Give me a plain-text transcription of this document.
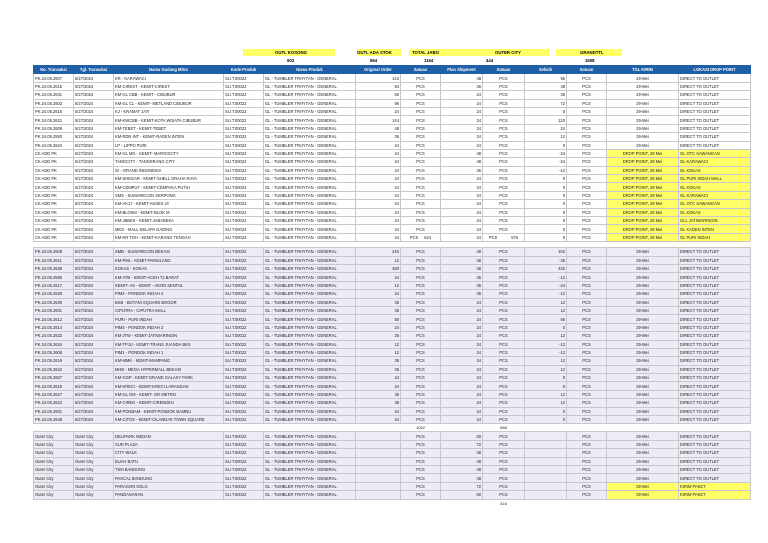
OUTL KOSONG	OUTL ADA STOK	TOTAL JABO	OUTER CITY	GRANDTTL
603	564	1164	444	1608
No. Transaksi	Tgl. Transaksi	Nama Gudang Mitra	Kode Produk	Nama Produk	Original Order	Satuan	Plan Shipment	Satuan	Selisih	Satuan	TGL KIRIM	LOKASI DROP POINT
PK.24.05.2607	5/27/2024	KR - KARAWACI	SU.T.00022	GL - TUMBLER TRHYTAN - GENERAL	144	PCS	48	PCS	96	PCS	29-Mei	DIRECT TO OUTLET
PK.24.05.2615	5/27/2024	KM-CIREST - KEMIT-CIREST	SU.T.00022	GL - TUMBLER TRHYTAN - GENERAL	84	PCS	36	PCS	48	PCS	29-Mei	DIRECT TO OUTLET
PK.24.05.2631	5/27/2024	KM-GL CBB - KEMIT - CIBUBUR	SU.T.00022	GL - TUMBLER TRHYTAN - GENERAL	60	PCS	24	PCS	36	PCS	29-Mei	DIRECT TO OUTLET
PK.24.05.2603	5/27/2024	KM-GL CL - KEMIT- METLAND CIBUBUR	SU.T.00022	GL - TUMBLER TRHYTAN - GENERAL	96	PCS	24	PCS	72	PCS	29-Mei	DIRECT TO OUTLET
PK.24.05.2615	5/27/2024	KJ - KRAMAT JATI	SU.T.00022	GL - TUMBLER TRHYTAN - GENERAL	24	PCS	24	PCS	0	PCS	29-Mei	DIRECT TO OUTLET
PK.24.05.2621	5/27/2024	KM-KWCBB - KEMIT-KOTA WISATA CIBUBUR	SU.T.00022	GL - TUMBLER TRHYTAN - GENERAL	144	PCS	24	PCS	120	PCS	29-Mei	DIRECT TO OUTLET
PK.24.05.2609	5/27/2024	KM-TEBET - KEMIT-TEBET	SU.T.00022	GL - TUMBLER TRHYTAN - GENERAL	48	PCS	24	PCS	24	PCS	29-Mei	DIRECT TO OUTLET
PK.24.05.2593	5/27/2024	KM-RDN INT - KEMIT-RADEN INTEN	SU.T.00022	GL - TUMBLER TRHYTAN - GENERAL	36	PCS	24	PCS	12	PCS	29-Mei	DIRECT TO OUTLET
PK.24.05.2624	5/27/2024	LP - LIPPO PURI	SU.T.00022	GL - TUMBLER TRHYTAN - GENERAL	24	PCS	24	PCS	0	PCS	29-Mei	DIRECT TO OUTLET
CK ADD PK	5/27/2024	KM-GL MG - KEMIT- MARGOCITY	SU.T.00022	GL - TUMBLER TRHYTAN - GENERAL	24	PCS	48	PCS	-24	PCS	DROP POINT, 29 Mei	GL OTC SAWANGAN
CK ADD PK	5/27/2024	TANGCITY - TANGERANG CITY	SU.T.00022	GL - TUMBLER TRHYTAN - GENERAL	24	PCS	48	PCS	-24	PCS	DROP POINT, 29 Mei	GL KARAWACI
CK ADD PK	5/27/2024	GI - GRAND INDONESIA	SU.T.00022	GL - TUMBLER TRHYTAN - GENERAL	24	PCS	36	PCS	-12	PCS	DROP POINT, 29 Mei	GL KOKAS
CK ADD PK	5/27/2024	KM-SHEGAR - KEMIT-SHELL GRAHA RAYA	SU.T.00022	GL - TUMBLER TRHYTAN - GENERAL	24	PCS	24	PCS	0	PCS	DROP POINT, 29 Mei	GL PURI INDAH MALL
CK ADD PK	5/27/2024	KM-CEMPUT - KEMIT-CEMPAKA PUTIH	SU.T.00022	GL - TUMBLER TRHYTAN - GENERAL	24	PCS	24	PCS	0	PCS	DROP POINT, 29 Mei	GL KOKAS
CK ADD PK	5/27/2024	SMS - SUMARECON SERPONG	SU.T.00022	GL - TUMBLER TRHYTAN - GENERAL	24	PCS	24	PCS	0	PCS	DROP POINT, 29 Mei	GL KARAWACI
CK ADD PK	5/27/2024	KM-AK17 - KEMIT-AKSES UI	SU.T.00022	GL - TUMBLER TRHYTAN - GENERAL	24	PCS	24	PCS	0	PCS	DROP POINT, 29 Mei	GL OTC SAWANGAN
CK ADD PK	5/27/2024	KM-BLOKM - KEMIT-BLOK M	SU.T.00022	GL - TUMBLER TRHYTAN - GENERAL	24	PCS	24	PCS	0	PCS	DROP POINT, 29 Mei	GL KOKAS
CK ADD PK	5/27/2024	KM-JBBEK - KEMIT-JABABEKA	SU.T.00022	GL - TUMBLER TRHYTAN - GENERAL	24	PCS	24	PCS	0	PCS	DROP POINT, 29 Mei	GLL JATIWARINGIN
CK ADD PK	5/27/2024	MKG - MALL KELAPA GADING	SU.T.00022	GL - TUMBLER TRHYTAN - GENERAL	24	PCS	24	PCS	0	PCS	DROP POINT, 29 Mei	GL KADEN INTEN
CK ADD PK	5/27/2024	KM-KR TGH - KEMIT-KARANG TENGAH	SU.T.00022	GL - TUMBLER TRHYTAN - GENERAL	24	PCS 624	24	PCS 576	0	PCS	DROP POINT, 29 Mei	GL PURI INDAH

PK.24.05.2608	5/27/2024	SMB - SUMARECON BEKASI	SU.T.00022	GL - TUMBLER TRHYTAN - GENERAL	240	PCS	48	PCS	192	PCS	29-Mei	DIRECT TO OUTLET
PK.24.05.2611	5/27/2024	KM-PML - KEMIT-PAMULANG	SU.T.00022	GL - TUMBLER TRHYTAN - GENERAL	12	PCS	48	PCS	-36	PCS	29-Mei	DIRECT TO OUTLET
PK.24.05.2638	5/27/2024	KOKAS - KOKAS	SU.T.00022	GL - TUMBLER TRHYTAN - GENERAL	480	PCS	48	PCS	432	PCS	29-Mei	DIRECT TO OUTLET
PK.24.05.2595	5/27/2024	KM-ATB - KEMIT-ACEH TJ.BARAT	SU.T.00022	GL - TUMBLER TRHYTAN - GENERAL	24	PCS	36	PCS	-12	PCS	29-Mei	DIRECT TO OUTLET
PK.24.05.2617	5/27/2024	KEMIT- AS - KEMIT - AEON SENTUL	SU.T.00022	GL - TUMBLER TRHYTAN - GENERAL	12	PCS	36	PCS	-24	PCS	29-Mei	DIRECT TO OUTLET
PK.24.05.2628	5/27/2024	PIM2 - PONDOK INDAH 2	SU.T.00022	GL - TUMBLER TRHYTAN - GENERAL	24	PCS	36	PCS	-12	PCS	29-Mei	DIRECT TO OUTLET
PK.24.05.2639	5/27/2024	BSB - BOTANI SQUARE BOGOR	SU.T.00022	GL - TUMBLER TRHYTAN - GENERAL	36	PCS	24	PCS	12	PCS	29-Mei	DIRECT TO OUTLET
PK.24.05.2601	5/27/2024	CIPUTRA - CIPUTRA MALL	SU.T.00022	GL - TUMBLER TRHYTAN - GENERAL	36	PCS	24	PCS	12	PCS	29-Mei	DIRECT TO OUTLET
PK.24.05.2612	5/27/2024	PURI - PURI INDAH	SU.T.00022	GL - TUMBLER TRHYTAN - GENERAL	80	PCS	24	PCS	56	PCS	29-Mei	DIRECT TO OUTLET
PK.24.05.2614	5/27/2024	PIM3 - PONDOK INDAH 3	SU.T.00022	GL - TUMBLER TRHYTAN - GENERAL	24	PCS	24	PCS	0	PCS	29-Mei	DIRECT TO OUTLET
PK.24.05.2632	5/27/2024	KM-JTW - KEMIT-JATIWARINGIN	SU.T.00022	GL - TUMBLER TRHYTAN - GENERAL	36	PCS	24	PCS	12	PCS	29-Mei	DIRECT TO OUTLET
PK.24.05.2634	5/27/2024	KM-TPJU - KEMIT-TRANS JUANDA BKS	SU.T.00022	GL - TUMBLER TRHYTAN - GENERAL	12	PCS	24	PCS	-12	PCS	29-Mei	DIRECT TO OUTLET
PK.24.05.2608	5/27/2024	PIM1 - PONDOK INDAH 1	SU.T.00022	GL - TUMBLER TRHYTAN - GENERAL	12	PCS	24	PCS	-12	PCS	29-Mei	DIRECT TO OUTLET
PK.24.05.2619	5/27/2024	KM-MMK - KEMIT-MAMPANG	SU.T.00022	GL - TUMBLER TRHYTAN - GENERAL	36	PCS	24	PCS	12	PCS	29-Mei	DIRECT TO OUTLET
PK.24.05.2642	5/27/2024	MHB - MEGA HYPERMALL BEKASI	SU.T.00022	GL - TUMBLER TRHYTAN - GENERAL	36	PCS	24	PCS	12	PCS	29-Mei	DIRECT TO OUTLET
PK.24.05.2607	5/27/2024	KM-GGP - KEMIT-GRAND GALAXY PARK	SU.T.00022	GL - TUMBLER TRHYTAN - GENERAL	24	PCS	24	PCS	0	PCS	29-Mei	DIRECT TO OUTLET
PK.24.05.2618	5/27/2024	KM-KRECI - KEMIT-KRECI LARANGAN	SU.T.00022	GL - TUMBLER TRHYTAN - GENERAL	24	PCS	24	PCS	0	PCS	29-Mei	DIRECT TO OUTLET
PK.24.05.2627	5/27/2024	KM-GL GM - KEMIT- GR METRO	SU.T.00022	GL - TUMBLER TRHYTAN - GENERAL	36	PCS	24	PCS	12	PCS	29-Mei	DIRECT TO OUTLET
PK.24.05.2622	5/27/2024	KM-CIREN - KEMIT-CIRENDEU	SU.T.00022	GL - TUMBLER TRHYTAN - GENERAL	36	PCS	24	PCS	12	PCS	29-Mei	DIRECT TO OUTLET
PK.24.05.2601	5/27/2024	KM-PONBAM - KEMIT-PONDOK BAMBU	SU.T.00022	GL - TUMBLER TRHYTAN - GENERAL	24	PCS	24	PCS	0	PCS	29-Mei	DIRECT TO OUTLET
PK.24.05.2648	5/27/2024	KM-CITOS - KEMIT-CILANDAK TOWN SQUARE	SU.T.00022	GL - TUMBLER TRHYTAN - GENERAL	24	PCS	24	PCS	0	PCS	29-Mei	DIRECT TO OUTLET
						1052		588				
Outer City	Outer City	DELIPARK MEDAN	SU.T.00022	GL - TUMBLER TRHYTAN - GENERAL		PCS	60	PCS		PCS	29-Mei	DIRECT TO OUTLET
Outer City	Outer City	SUN PLAZA	SU.T.00022	GL - TUMBLER TRHYTAN - GENERAL		PCS	72	PCS		PCS	29-Mei	DIRECT TO OUTLET
Outer City	Outer City	CITY WALK	SU.T.00022	GL - TUMBLER TRHYTAN - GENERAL		PCS	48	PCS		PCS	29-Mei	DIRECT TO OUTLET
Outer City	Outer City	BUAH BATU	SU.T.00022	GL - TUMBLER TRHYTAN - GENERAL		PCS	48	PCS		PCS	29-Mei	DIRECT TO OUTLET
Outer City	Outer City	TSM BANDUNG	SU.T.00022	GL - TUMBLER TRHYTAN - GENERAL		PCS	48	PCS		PCS	29-Mei	DIRECT TO OUTLET
Outer City	Outer City	PASCAL BANDUNG	SU.T.00022	GL - TUMBLER TRHYTAN - GENERAL		PCS	48	PCS		PCS	29-Mei	DIRECT TO OUTLET
Outer City	Outer City	PARAGON SOLO	SU.T.00022	GL - TUMBLER TRHYTAN - GENERAL		PCS	72	PCS		PCS	29-Mei	KIRIM PAKET
Outer City	Outer City	PANDANARAN	SU.T.00022	GL - TUMBLER TRHYTAN - GENERAL		PCS	60	PCS		PCS	29-Mei	KIRIM PAKET
								416				
